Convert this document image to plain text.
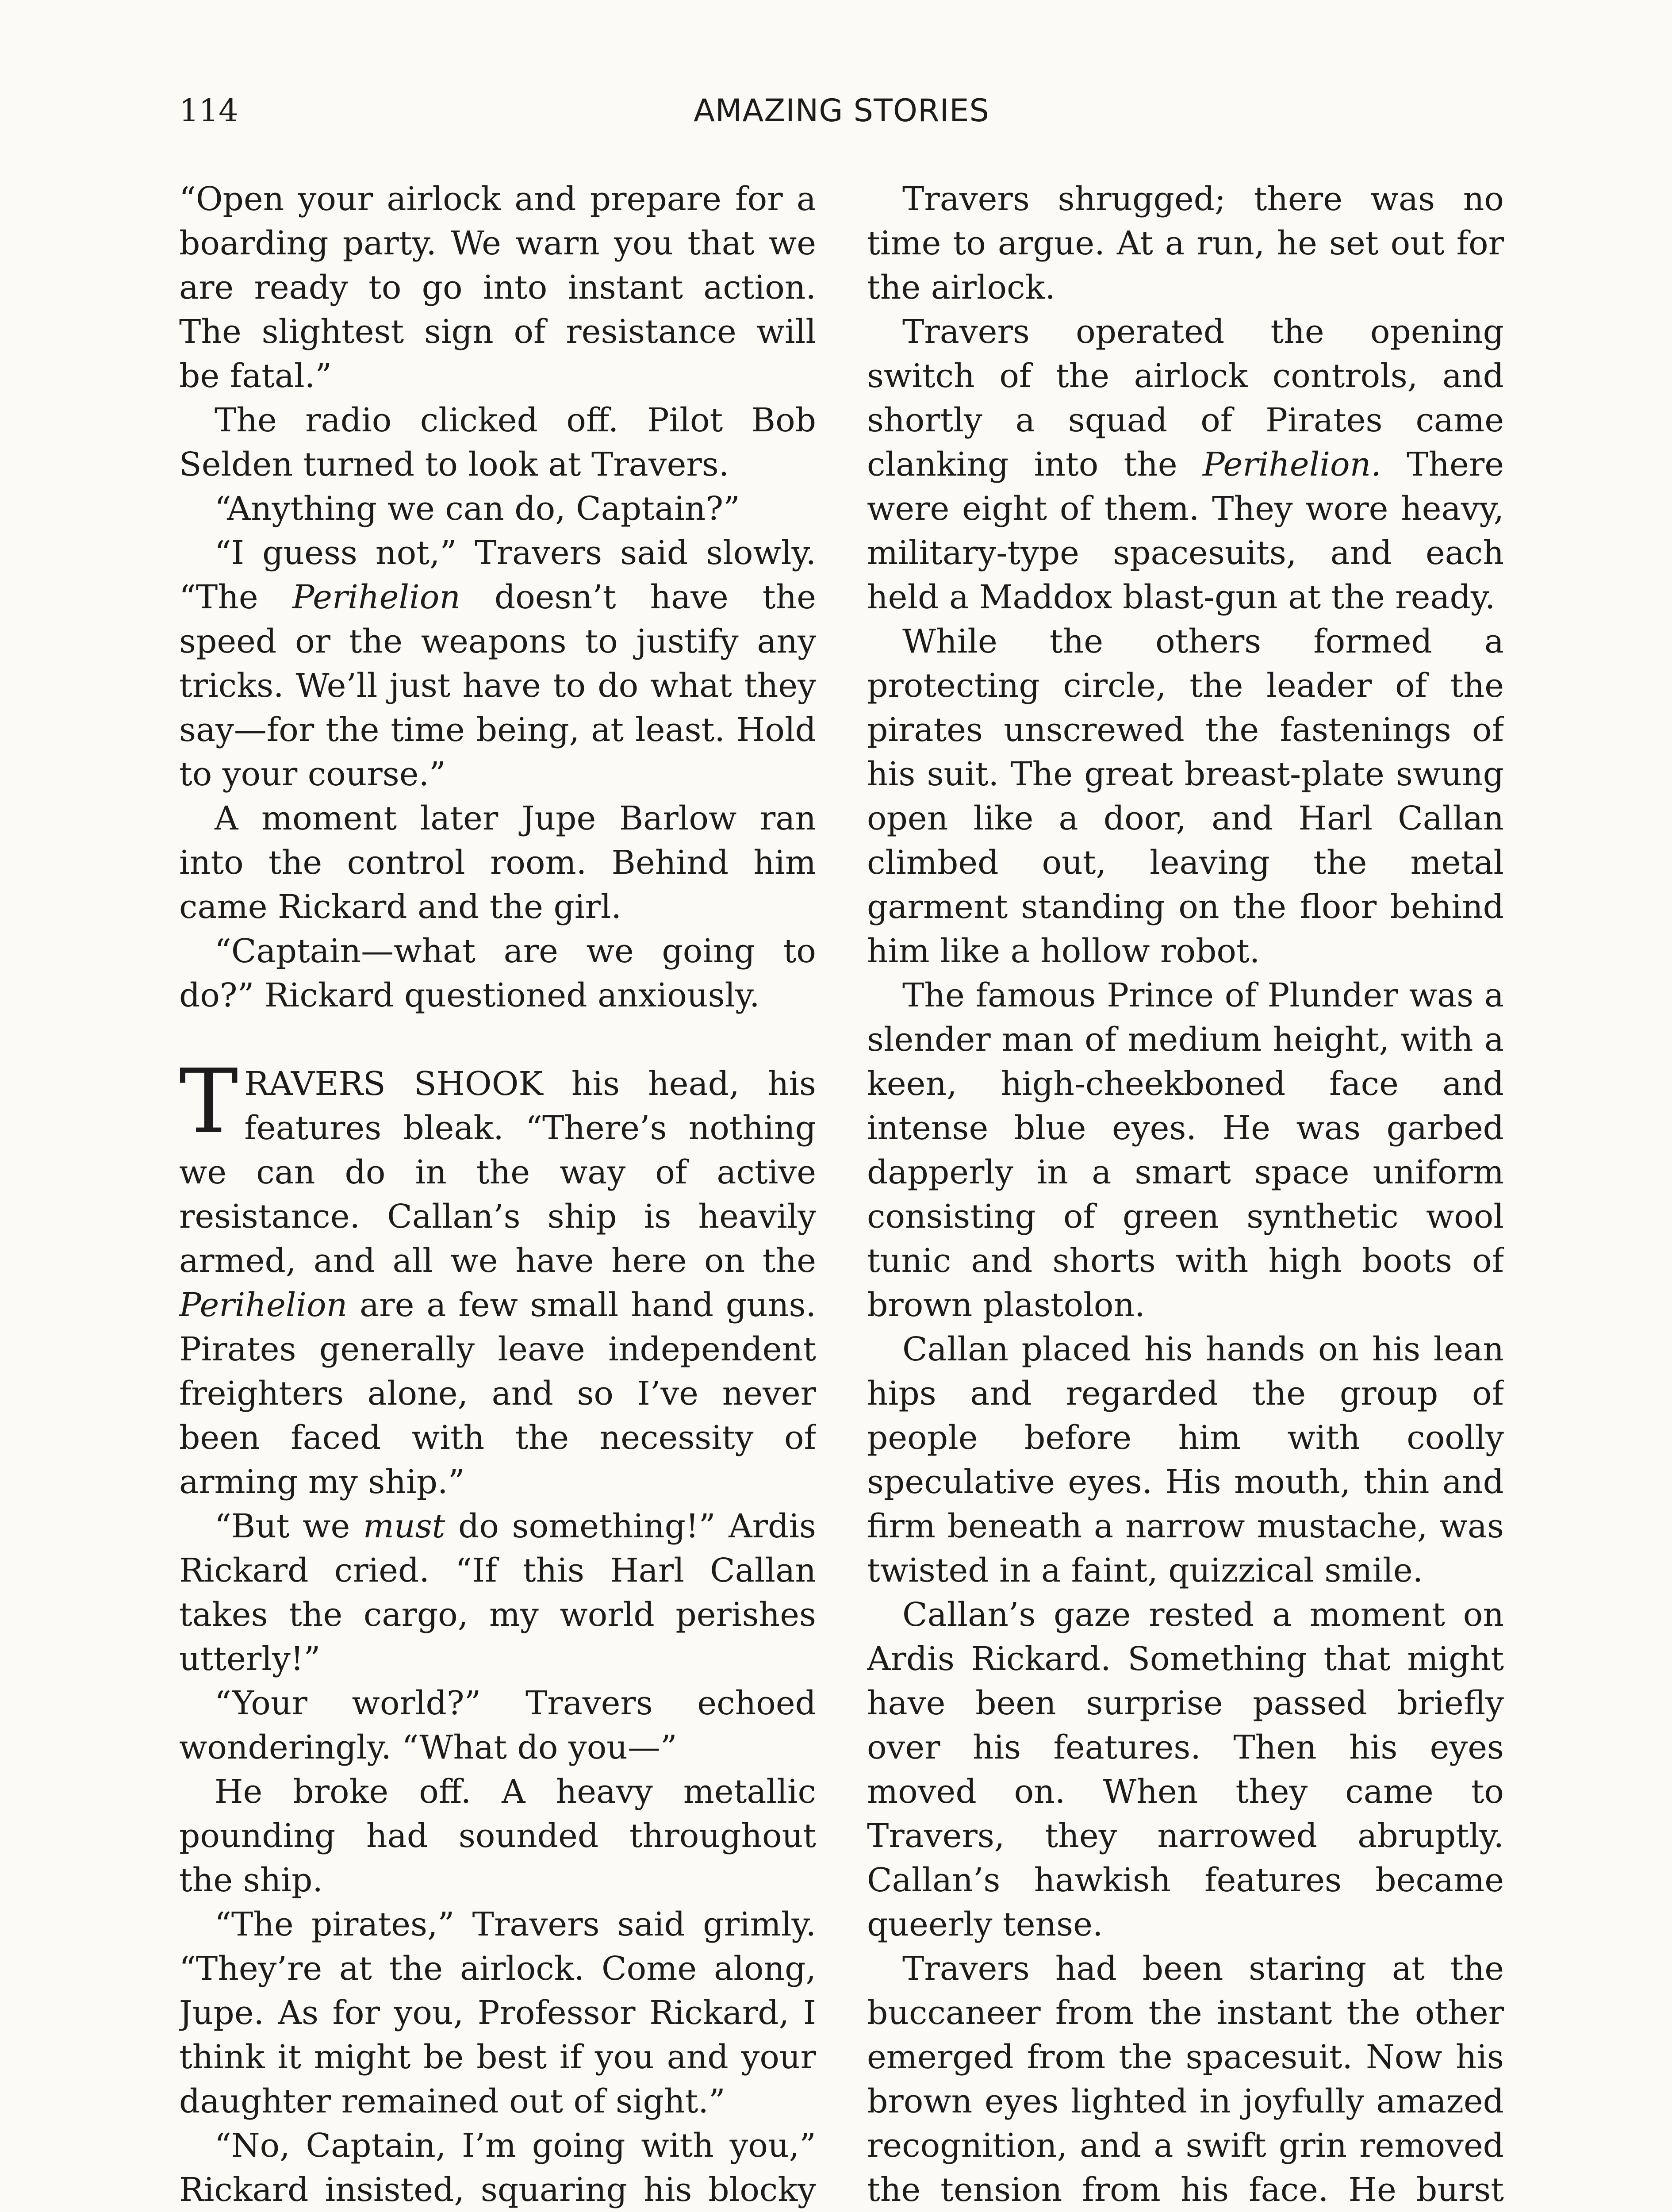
114	AMAZING STORIES

“Open your airlock and prepare for a boarding party. We warn you that we are ready to go into instant action. The slightest sign of resistance will be fatal.”

The radio clicked off. Pilot Bob Selden turned to look at Travers.

“Anything we can do, Captain?”

“I guess not,” Travers said slowly. “The Perihelion doesn’t have the speed or the weapons to justify any tricks. We’ll just have to do what they say—for the time being, at least. Hold to your course.”

A moment later Jupe Barlow ran into the control room. Behind him came Rickard and the girl.

“Captain—what are we going to do?” Rickard questioned anxiously.

TRAVERS SHOOK his head, his features bleak. “There’s nothing we can do in the way of active resistance. Callan’s ship is heavily armed, and all we have here on the Perihelion are a few small hand guns. Pirates generally leave independent freighters alone, and so I’ve never been faced with the necessity of arming my ship.”

“But we must do something!” Ardis Rickard cried. “If this Harl Callan takes the cargo, my world perishes utterly!”

“Your world?” Travers echoed wonderingly. “What do you—”

He broke off. A heavy metallic pounding had sounded throughout the ship.

“The pirates,” Travers said grimly. “They’re at the airlock. Come along, Jupe. As for you, Professor Rickard, I think it might be best if you and your daughter remained out of sight.”

“No, Captain, I’m going with you,” Rickard insisted, squaring his blocky

Travers shrugged; there was no time to argue. At a run, he set out for the airlock.

Travers operated the opening switch of the airlock controls, and shortly a squad of Pirates came clanking into the Perihelion. There were eight of them. They wore heavy, military-type spacesuits, and each held a Maddox blast-gun at the ready.

While the others formed a protecting circle, the leader of the pirates unscrewed the fastenings of his suit. The great breast-plate swung open like a door, and Harl Callan climbed out, leaving the metal garment standing on the floor behind him like a hollow robot.

The famous Prince of Plunder was a slender man of medium height, with a keen, high-cheekboned face and intense blue eyes. He was garbed dapperly in a smart space uniform consisting of green synthetic wool tunic and shorts with high boots of brown plastolon.

Callan placed his hands on his lean hips and regarded the group of people before him with coolly speculative eyes. His mouth, thin and firm beneath a narrow mustache, was twisted in a faint, quizzical smile.

Callan’s gaze rested a moment on Ardis Rickard. Something that might have been surprise passed briefly over his features. Then his eyes moved on. When they came to Travers, they narrowed abruptly. Callan’s hawkish features became queerly tense.

Travers had been staring at the buccaneer from the instant the other emerged from the spacesuit. Now his brown eyes lighted in joyfully amazed recognition, and a swift grin removed the tension from his face. He burst
